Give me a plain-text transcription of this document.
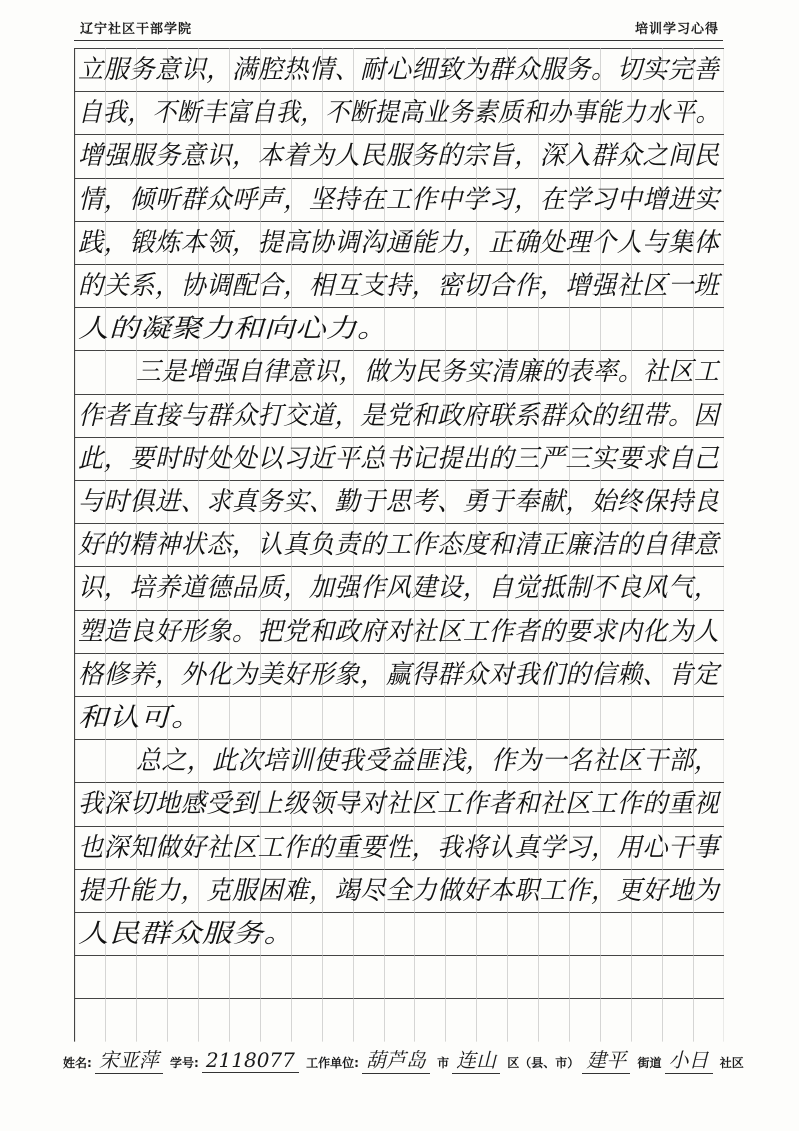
辽宁社区干部学院	培训学习心得
立服务意识，满腔热情、耐心细致为群众服务。切实完善
自我，不断丰富自我，不断提高业务素质和办事能力水平。
增强服务意识，本着为人民服务的宗旨，深入群众之间民
情，倾听群众呼声，坚持在工作中学习，在学习中增进实
践，锻炼本领，提高协调沟通能力，正确处理个人与集体
的关系，协调配合，相互支持，密切合作，增强社区一班
人的凝聚力和向心力。
三是增强自律意识，做为民务实清廉的表率。社区工
作者直接与群众打交道，是党和政府联系群众的纽带。因
此，要时时处处以习近平总书记提出的三严三实要求自己
与时俱进、求真务实、勤于思考、勇于奉献，始终保持良
好的精神状态，认真负责的工作态度和清正廉洁的自律意
识，培养道德品质，加强作风建设，自觉抵制不良风气，
塑造良好形象。把党和政府对社区工作者的要求内化为人
格修养，外化为美好形象，赢得群众对我们的信赖、肯定
和认可。
总之，此次培训使我受益匪浅，作为一名社区干部，
我深切地感受到上级领导对社区工作者和社区工作的重视
也深知做好社区工作的重要性，我将认真学习，用心干事
提升能力，克服困难，竭尽全力做好本职工作，更好地为
人民群众服务。
姓名: 宋亚萍 学号: 2118077 工作单位: 葫芦岛 市 连山 区（县、市） 建平 街道 小日 社区
